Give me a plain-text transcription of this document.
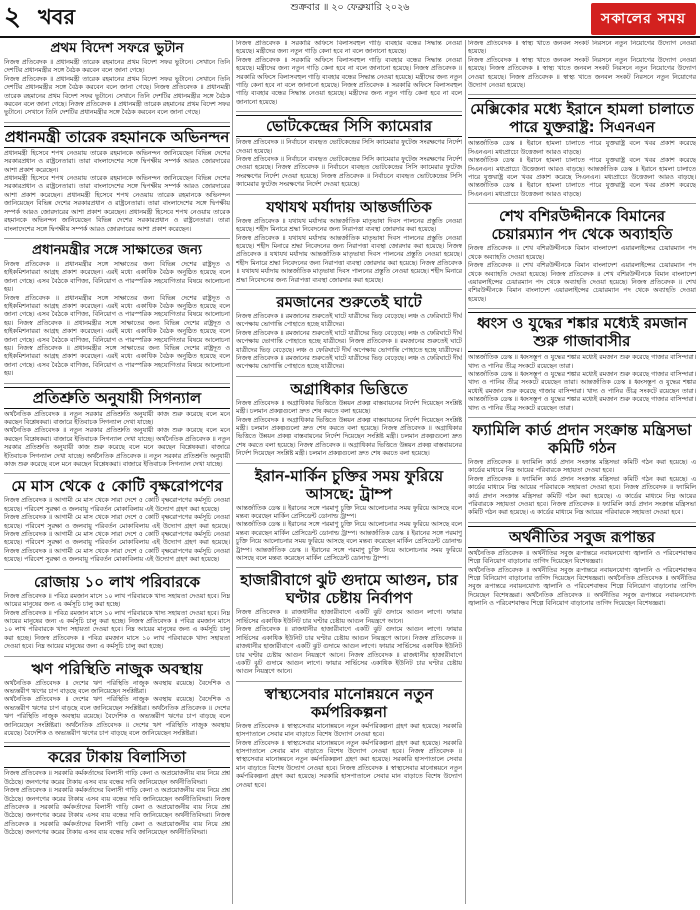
২ খবর	শুক্রবার ॥ ২০ ফেব্রুয়ারি ২০২৬
সকালের সময়
প্রথম বিদেশ সফরে ভুটান

নিজস্ব প্রতিবেদক ॥ প্রধানমন্ত্রী তারেক রহমানের প্রথম বিদেশ সফর ভুটানে। সেখানে তিনি দেশটির প্রধানমন্ত্রীর সঙ্গে বৈঠক করবেন বলে জানা গেছে।

নিজস্ব প্রতিবেদক ॥ প্রধানমন্ত্রী তারেক রহমানের প্রথম বিদেশ সফর ভুটানে। সেখানে তিনি দেশটির প্রধানমন্ত্রীর সঙ্গে বৈঠক করবেন বলে জানা গেছে। নিজস্ব প্রতিবেদক ॥ প্রধানমন্ত্রী তারেক রহমানের প্রথম বিদেশ সফর ভুটানে। সেখানে তিনি দেশটির প্রধানমন্ত্রীর সঙ্গে বৈঠক করবেন বলে জানা গেছে। নিজস্ব প্রতিবেদক ॥ প্রধানমন্ত্রী তারেক রহমানের প্রথম বিদেশ সফর ভুটানে। সেখানে তিনি দেশটির প্রধানমন্ত্রীর সঙ্গে বৈঠক করবেন বলে জানা গেছে।

প্রধানমন্ত্রী তারেক রহমানকে অভিনন্দন

প্রধানমন্ত্রী হিসেবে শপথ নেওয়ায় তারেক রহমানকে অভিনন্দন জানিয়েছেন বিভিন্ন দেশের সরকারপ্রধান ও রাষ্ট্রনেতারা। তারা বাংলাদেশের সঙ্গে দ্বিপক্ষীয় সম্পর্ক আরও জোরদারের আশা প্রকাশ করেছেন।

প্রধানমন্ত্রী হিসেবে শপথ নেওয়ায় তারেক রহমানকে অভিনন্দন জানিয়েছেন বিভিন্ন দেশের সরকারপ্রধান ও রাষ্ট্রনেতারা। তারা বাংলাদেশের সঙ্গে দ্বিপক্ষীয় সম্পর্ক আরও জোরদারের আশা প্রকাশ করেছেন। প্রধানমন্ত্রী হিসেবে শপথ নেওয়ায় তারেক রহমানকে অভিনন্দন জানিয়েছেন বিভিন্ন দেশের সরকারপ্রধান ও রাষ্ট্রনেতারা। তারা বাংলাদেশের সঙ্গে দ্বিপক্ষীয় সম্পর্ক আরও জোরদারের আশা প্রকাশ করেছেন। প্রধানমন্ত্রী হিসেবে শপথ নেওয়ায় তারেক রহমানকে অভিনন্দন জানিয়েছেন বিভিন্ন দেশের সরকারপ্রধান ও রাষ্ট্রনেতারা। তারা বাংলাদেশের সঙ্গে দ্বিপক্ষীয় সম্পর্ক আরও জোরদারের আশা প্রকাশ করেছেন।

প্রধানমন্ত্রীর সঙ্গে সাক্ষাতের জন্য

নিজস্ব প্রতিবেদক ॥ প্রধানমন্ত্রীর সঙ্গে সাক্ষাতের জন্য বিভিন্ন দেশের রাষ্ট্রদূত ও হাইকমিশনাররা আগ্রহ প্রকাশ করেছেন। এরই মধ্যে একাধিক বৈঠক অনুষ্ঠিত হয়েছে বলে জানা গেছে। এসব বৈঠকে বাণিজ্য, বিনিয়োগ ও পারস্পরিক সহযোগিতার বিষয়ে আলোচনা হয়।

নিজস্ব প্রতিবেদক ॥ প্রধানমন্ত্রীর সঙ্গে সাক্ষাতের জন্য বিভিন্ন দেশের রাষ্ট্রদূত ও হাইকমিশনাররা আগ্রহ প্রকাশ করেছেন। এরই মধ্যে একাধিক বৈঠক অনুষ্ঠিত হয়েছে বলে জানা গেছে। এসব বৈঠকে বাণিজ্য, বিনিয়োগ ও পারস্পরিক সহযোগিতার বিষয়ে আলোচনা হয়। নিজস্ব প্রতিবেদক ॥ প্রধানমন্ত্রীর সঙ্গে সাক্ষাতের জন্য বিভিন্ন দেশের রাষ্ট্রদূত ও হাইকমিশনাররা আগ্রহ প্রকাশ করেছেন। এরই মধ্যে একাধিক বৈঠক অনুষ্ঠিত হয়েছে বলে জানা গেছে। এসব বৈঠকে বাণিজ্য, বিনিয়োগ ও পারস্পরিক সহযোগিতার বিষয়ে আলোচনা হয়। নিজস্ব প্রতিবেদক ॥ প্রধানমন্ত্রীর সঙ্গে সাক্ষাতের জন্য বিভিন্ন দেশের রাষ্ট্রদূত ও হাইকমিশনাররা আগ্রহ প্রকাশ করেছেন। এরই মধ্যে একাধিক বৈঠক অনুষ্ঠিত হয়েছে বলে জানা গেছে। এসব বৈঠকে বাণিজ্য, বিনিয়োগ ও পারস্পরিক সহযোগিতার বিষয়ে আলোচনা হয়।

প্রতিশ্রুতি অনুযায়ী সিগন্যাল

অর্থনৈতিক প্রতিবেদক ॥ নতুন সরকার প্রতিশ্রুতি অনুযায়ী কাজ শুরু করেছে বলে মনে করছেন বিশ্লেষকরা। বাজারে ইতিবাচক সিগন্যাল দেখা যাচ্ছে।

অর্থনৈতিক প্রতিবেদক ॥ নতুন সরকার প্রতিশ্রুতি অনুযায়ী কাজ শুরু করেছে বলে মনে করছেন বিশ্লেষকরা। বাজারে ইতিবাচক সিগন্যাল দেখা যাচ্ছে। অর্থনৈতিক প্রতিবেদক ॥ নতুন সরকার প্রতিশ্রুতি অনুযায়ী কাজ শুরু করেছে বলে মনে করছেন বিশ্লেষকরা। বাজারে ইতিবাচক সিগন্যাল দেখা যাচ্ছে। অর্থনৈতিক প্রতিবেদক ॥ নতুন সরকার প্রতিশ্রুতি অনুযায়ী কাজ শুরু করেছে বলে মনে করছেন বিশ্লেষকরা। বাজারে ইতিবাচক সিগন্যাল দেখা যাচ্ছে।

মে মাস থেকে ৫ কোটি বৃক্ষরোপণের

নিজস্ব প্রতিবেদক ॥ আগামী মে মাস থেকে সারা দেশে ৫ কোটি বৃক্ষরোপণের কর্মসূচি নেওয়া হয়েছে। পরিবেশ সুরক্ষা ও জলবায়ু পরিবর্তন মোকাবিলায় এই উদ্যোগ গ্রহণ করা হয়েছে।

নিজস্ব প্রতিবেদক ॥ আগামী মে মাস থেকে সারা দেশে ৫ কোটি বৃক্ষরোপণের কর্মসূচি নেওয়া হয়েছে। পরিবেশ সুরক্ষা ও জলবায়ু পরিবর্তন মোকাবিলায় এই উদ্যোগ গ্রহণ করা হয়েছে। নিজস্ব প্রতিবেদক ॥ আগামী মে মাস থেকে সারা দেশে ৫ কোটি বৃক্ষরোপণের কর্মসূচি নেওয়া হয়েছে। পরিবেশ সুরক্ষা ও জলবায়ু পরিবর্তন মোকাবিলায় এই উদ্যোগ গ্রহণ করা হয়েছে। নিজস্ব প্রতিবেদক ॥ আগামী মে মাস থেকে সারা দেশে ৫ কোটি বৃক্ষরোপণের কর্মসূচি নেওয়া হয়েছে। পরিবেশ সুরক্ষা ও জলবায়ু পরিবর্তন মোকাবিলায় এই উদ্যোগ গ্রহণ করা হয়েছে।

রোজায় ১০ লাখ পরিবারকে

নিজস্ব প্রতিবেদক ॥ পবিত্র রমজান মাসে ১০ লাখ পরিবারকে খাদ্য সহায়তা দেওয়া হবে। নিম্ন আয়ের মানুষের জন্য এ কর্মসূচি চালু করা হচ্ছে।

নিজস্ব প্রতিবেদক ॥ পবিত্র রমজান মাসে ১০ লাখ পরিবারকে খাদ্য সহায়তা দেওয়া হবে। নিম্ন আয়ের মানুষের জন্য এ কর্মসূচি চালু করা হচ্ছে। নিজস্ব প্রতিবেদক ॥ পবিত্র রমজান মাসে ১০ লাখ পরিবারকে খাদ্য সহায়তা দেওয়া হবে। নিম্ন আয়ের মানুষের জন্য এ কর্মসূচি চালু করা হচ্ছে। নিজস্ব প্রতিবেদক ॥ পবিত্র রমজান মাসে ১০ লাখ পরিবারকে খাদ্য সহায়তা দেওয়া হবে। নিম্ন আয়ের মানুষের জন্য এ কর্মসূচি চালু করা হচ্ছে।

ঋণ পরিস্থিতি নাজুক অবস্থায়

অর্থনৈতিক প্রতিবেদক ॥ দেশের ঋণ পরিস্থিতি নাজুক অবস্থায় রয়েছে। বৈদেশিক ও অভ্যন্তরীণ ঋণের চাপ বাড়ছে বলে জানিয়েছেন সংশ্লিষ্টরা।

অর্থনৈতিক প্রতিবেদক ॥ দেশের ঋণ পরিস্থিতি নাজুক অবস্থায় রয়েছে। বৈদেশিক ও অভ্যন্তরীণ ঋণের চাপ বাড়ছে বলে জানিয়েছেন সংশ্লিষ্টরা। অর্থনৈতিক প্রতিবেদক ॥ দেশের ঋণ পরিস্থিতি নাজুক অবস্থায় রয়েছে। বৈদেশিক ও অভ্যন্তরীণ ঋণের চাপ বাড়ছে বলে জানিয়েছেন সংশ্লিষ্টরা। অর্থনৈতিক প্রতিবেদক ॥ দেশের ঋণ পরিস্থিতি নাজুক অবস্থায় রয়েছে। বৈদেশিক ও অভ্যন্তরীণ ঋণের চাপ বাড়ছে বলে জানিয়েছেন সংশ্লিষ্টরা।

করের টাকায় বিলাসিতা

নিজস্ব প্রতিবেদক ॥ সরকারি কর্মকর্তাদের বিলাসী গাড়ি কেনা ও অপ্রয়োজনীয় ব্যয় নিয়ে প্রশ্ন উঠেছে। জনগণের করের টাকায় এসব ব্যয় বন্ধের দাবি জানিয়েছেন অর্থনীতিবিদরা।

নিজস্ব প্রতিবেদক ॥ সরকারি কর্মকর্তাদের বিলাসী গাড়ি কেনা ও অপ্রয়োজনীয় ব্যয় নিয়ে প্রশ্ন উঠেছে। জনগণের করের টাকায় এসব ব্যয় বন্ধের দাবি জানিয়েছেন অর্থনীতিবিদরা। নিজস্ব প্রতিবেদক ॥ সরকারি কর্মকর্তাদের বিলাসী গাড়ি কেনা ও অপ্রয়োজনীয় ব্যয় নিয়ে প্রশ্ন উঠেছে। জনগণের করের টাকায় এসব ব্যয় বন্ধের দাবি জানিয়েছেন অর্থনীতিবিদরা। নিজস্ব প্রতিবেদক ॥ সরকারি কর্মকর্তাদের বিলাসী গাড়ি কেনা ও অপ্রয়োজনীয় ব্যয় নিয়ে প্রশ্ন উঠেছে। জনগণের করের টাকায় এসব ব্যয় বন্ধের দাবি জানিয়েছেন অর্থনীতিবিদরা।

নিজস্ব প্রতিবেদক ॥ সরকারি অফিসে বিলাসবহুল গাড়ি ব্যবহার বন্ধের সিদ্ধান্ত নেওয়া হয়েছে। মন্ত্রীদের জন্য নতুন গাড়ি কেনা হবে না বলে জানানো হয়েছে।

নিজস্ব প্রতিবেদক ॥ সরকারি অফিসে বিলাসবহুল গাড়ি ব্যবহার বন্ধের সিদ্ধান্ত নেওয়া হয়েছে। মন্ত্রীদের জন্য নতুন গাড়ি কেনা হবে না বলে জানানো হয়েছে। নিজস্ব প্রতিবেদক ॥ সরকারি অফিসে বিলাসবহুল গাড়ি ব্যবহার বন্ধের সিদ্ধান্ত নেওয়া হয়েছে। মন্ত্রীদের জন্য নতুন গাড়ি কেনা হবে না বলে জানানো হয়েছে। নিজস্ব প্রতিবেদক ॥ সরকারি অফিসে বিলাসবহুল গাড়ি ব্যবহার বন্ধের সিদ্ধান্ত নেওয়া হয়েছে। মন্ত্রীদের জন্য নতুন গাড়ি কেনা হবে না বলে জানানো হয়েছে।

ভোটকেন্দ্রের সিসি ক্যামেরার

নিজস্ব প্রতিবেদক ॥ নির্বাচনে ব্যবহৃত ভোটকেন্দ্রের সিসি ক্যামেরার ফুটেজ সংরক্ষণের নির্দেশ দেওয়া হয়েছে।

নিজস্ব প্রতিবেদক ॥ নির্বাচনে ব্যবহৃত ভোটকেন্দ্রের সিসি ক্যামেরার ফুটেজ সংরক্ষণের নির্দেশ দেওয়া হয়েছে। নিজস্ব প্রতিবেদক ॥ নির্বাচনে ব্যবহৃত ভোটকেন্দ্রের সিসি ক্যামেরার ফুটেজ সংরক্ষণের নির্দেশ দেওয়া হয়েছে। নিজস্ব প্রতিবেদক ॥ নির্বাচনে ব্যবহৃত ভোটকেন্দ্রের সিসি ক্যামেরার ফুটেজ সংরক্ষণের নির্দেশ দেওয়া হয়েছে।

যথাযথ মর্যাদায় আন্তর্জাতিক

নিজস্ব প্রতিবেদক ॥ যথাযথ মর্যাদায় আন্তর্জাতিক মাতৃভাষা দিবস পালনের প্রস্তুতি নেওয়া হয়েছে। শহীদ মিনারে শ্রদ্ধা নিবেদনের জন্য নিরাপত্তা ব্যবস্থা জোরদার করা হয়েছে।

নিজস্ব প্রতিবেদক ॥ যথাযথ মর্যাদায় আন্তর্জাতিক মাতৃভাষা দিবস পালনের প্রস্তুতি নেওয়া হয়েছে। শহীদ মিনারে শ্রদ্ধা নিবেদনের জন্য নিরাপত্তা ব্যবস্থা জোরদার করা হয়েছে। নিজস্ব প্রতিবেদক ॥ যথাযথ মর্যাদায় আন্তর্জাতিক মাতৃভাষা দিবস পালনের প্রস্তুতি নেওয়া হয়েছে। শহীদ মিনারে শ্রদ্ধা নিবেদনের জন্য নিরাপত্তা ব্যবস্থা জোরদার করা হয়েছে। নিজস্ব প্রতিবেদক ॥ যথাযথ মর্যাদায় আন্তর্জাতিক মাতৃভাষা দিবস পালনের প্রস্তুতি নেওয়া হয়েছে। শহীদ মিনারে শ্রদ্ধা নিবেদনের জন্য নিরাপত্তা ব্যবস্থা জোরদার করা হয়েছে।

রমজানের শুরুতেই ঘাটে

নিজস্ব প্রতিবেদক ॥ রমজানের শুরুতেই ঘাটে যাত্রীদের ভিড় বেড়েছে। লঞ্চ ও ফেরিঘাটে দীর্ঘ অপেক্ষায় ভোগান্তি পোহাতে হচ্ছে যাত্রীদের।

নিজস্ব প্রতিবেদক ॥ রমজানের শুরুতেই ঘাটে যাত্রীদের ভিড় বেড়েছে। লঞ্চ ও ফেরিঘাটে দীর্ঘ অপেক্ষায় ভোগান্তি পোহাতে হচ্ছে যাত্রীদের। নিজস্ব প্রতিবেদক ॥ রমজানের শুরুতেই ঘাটে যাত্রীদের ভিড় বেড়েছে। লঞ্চ ও ফেরিঘাটে দীর্ঘ অপেক্ষায় ভোগান্তি পোহাতে হচ্ছে যাত্রীদের। নিজস্ব প্রতিবেদক ॥ রমজানের শুরুতেই ঘাটে যাত্রীদের ভিড় বেড়েছে। লঞ্চ ও ফেরিঘাটে দীর্ঘ অপেক্ষায় ভোগান্তি পোহাতে হচ্ছে যাত্রীদের।

অগ্রাধিকার ভিত্তিতে

নিজস্ব প্রতিবেদক ॥ অগ্রাধিকার ভিত্তিতে উন্নয়ন প্রকল্প বাস্তবায়নের নির্দেশ দিয়েছেন সংশ্লিষ্ট মন্ত্রী। চলমান প্রকল্পগুলো দ্রুত শেষ করতে বলা হয়েছে।

নিজস্ব প্রতিবেদক ॥ অগ্রাধিকার ভিত্তিতে উন্নয়ন প্রকল্প বাস্তবায়নের নির্দেশ দিয়েছেন সংশ্লিষ্ট মন্ত্রী। চলমান প্রকল্পগুলো দ্রুত শেষ করতে বলা হয়েছে। নিজস্ব প্রতিবেদক ॥ অগ্রাধিকার ভিত্তিতে উন্নয়ন প্রকল্প বাস্তবায়নের নির্দেশ দিয়েছেন সংশ্লিষ্ট মন্ত্রী। চলমান প্রকল্পগুলো দ্রুত শেষ করতে বলা হয়েছে। নিজস্ব প্রতিবেদক ॥ অগ্রাধিকার ভিত্তিতে উন্নয়ন প্রকল্প বাস্তবায়নের নির্দেশ দিয়েছেন সংশ্লিষ্ট মন্ত্রী। চলমান প্রকল্পগুলো দ্রুত শেষ করতে বলা হয়েছে।

ইরান-মার্কিন চুক্তির সময় ফুরিয়ে আসছে: ট্রাম্প

আন্তর্জাতিক ডেস্ক ॥ ইরানের সঙ্গে পরমাণু চুক্তি নিয়ে আলোচনার সময় ফুরিয়ে আসছে বলে মন্তব্য করেছেন মার্কিন প্রেসিডেন্ট ডোনাল্ড ট্রাম্প।

আন্তর্জাতিক ডেস্ক ॥ ইরানের সঙ্গে পরমাণু চুক্তি নিয়ে আলোচনার সময় ফুরিয়ে আসছে বলে মন্তব্য করেছেন মার্কিন প্রেসিডেন্ট ডোনাল্ড ট্রাম্প। আন্তর্জাতিক ডেস্ক ॥ ইরানের সঙ্গে পরমাণু চুক্তি নিয়ে আলোচনার সময় ফুরিয়ে আসছে বলে মন্তব্য করেছেন মার্কিন প্রেসিডেন্ট ডোনাল্ড ট্রাম্প। আন্তর্জাতিক ডেস্ক ॥ ইরানের সঙ্গে পরমাণু চুক্তি নিয়ে আলোচনার সময় ফুরিয়ে আসছে বলে মন্তব্য করেছেন মার্কিন প্রেসিডেন্ট ডোনাল্ড ট্রাম্প।

হাজারীবাগে ঝুট গুদামে আগুন, চার ঘণ্টার চেষ্টায় নির্বাপণ

নিজস্ব প্রতিবেদক ॥ রাজধানীর হাজারীবাগে একটি ঝুট গুদামে আগুন লাগে। ফায়ার সার্ভিসের একাধিক ইউনিট চার ঘণ্টার চেষ্টায় আগুন নিয়ন্ত্রণে আনে।

নিজস্ব প্রতিবেদক ॥ রাজধানীর হাজারীবাগে একটি ঝুট গুদামে আগুন লাগে। ফায়ার সার্ভিসের একাধিক ইউনিট চার ঘণ্টার চেষ্টায় আগুন নিয়ন্ত্রণে আনে। নিজস্ব প্রতিবেদক ॥ রাজধানীর হাজারীবাগে একটি ঝুট গুদামে আগুন লাগে। ফায়ার সার্ভিসের একাধিক ইউনিট চার ঘণ্টার চেষ্টায় আগুন নিয়ন্ত্রণে আনে। নিজস্ব প্রতিবেদক ॥ রাজধানীর হাজারীবাগে একটি ঝুট গুদামে আগুন লাগে। ফায়ার সার্ভিসের একাধিক ইউনিট চার ঘণ্টার চেষ্টায় আগুন নিয়ন্ত্রণে আনে।

স্বাস্থ্যসেবার মানোন্নয়নে নতুন কর্মপরিকল্পনা

নিজস্ব প্রতিবেদক ॥ স্বাস্থ্যসেবার মানোন্নয়নে নতুন কর্মপরিকল্পনা গ্রহণ করা হয়েছে। সরকারি হাসপাতালে সেবার মান বাড়াতে বিশেষ উদ্যোগ নেওয়া হবে।

নিজস্ব প্রতিবেদক ॥ স্বাস্থ্যসেবার মানোন্নয়নে নতুন কর্মপরিকল্পনা গ্রহণ করা হয়েছে। সরকারি হাসপাতালে সেবার মান বাড়াতে বিশেষ উদ্যোগ নেওয়া হবে। নিজস্ব প্রতিবেদক ॥ স্বাস্থ্যসেবার মানোন্নয়নে নতুন কর্মপরিকল্পনা গ্রহণ করা হয়েছে। সরকারি হাসপাতালে সেবার মান বাড়াতে বিশেষ উদ্যোগ নেওয়া হবে। নিজস্ব প্রতিবেদক ॥ স্বাস্থ্যসেবার মানোন্নয়নে নতুন কর্মপরিকল্পনা গ্রহণ করা হয়েছে। সরকারি হাসপাতালে সেবার মান বাড়াতে বিশেষ উদ্যোগ নেওয়া হবে।

নিজস্ব প্রতিবেদক ॥ স্বাস্থ্য খাতে জনবল সংকট নিরসনে নতুন নিয়োগের উদ্যোগ নেওয়া হয়েছে।

নিজস্ব প্রতিবেদক ॥ স্বাস্থ্য খাতে জনবল সংকট নিরসনে নতুন নিয়োগের উদ্যোগ নেওয়া হয়েছে। নিজস্ব প্রতিবেদক ॥ স্বাস্থ্য খাতে জনবল সংকট নিরসনে নতুন নিয়োগের উদ্যোগ নেওয়া হয়েছে। নিজস্ব প্রতিবেদক ॥ স্বাস্থ্য খাতে জনবল সংকট নিরসনে নতুন নিয়োগের উদ্যোগ নেওয়া হয়েছে।

মেক্সিকোর মধ্যে ইরানে হামলা চালাতে পারে যুক্তরাষ্ট্র: সিএনএন

আন্তর্জাতিক ডেস্ক ॥ ইরানে হামলা চালাতে পারে যুক্তরাষ্ট্র বলে খবর প্রকাশ করেছে সিএনএন। মধ্যপ্রাচ্যে উত্তেজনা আরও বাড়ছে।

আন্তর্জাতিক ডেস্ক ॥ ইরানে হামলা চালাতে পারে যুক্তরাষ্ট্র বলে খবর প্রকাশ করেছে সিএনএন। মধ্যপ্রাচ্যে উত্তেজনা আরও বাড়ছে। আন্তর্জাতিক ডেস্ক ॥ ইরানে হামলা চালাতে পারে যুক্তরাষ্ট্র বলে খবর প্রকাশ করেছে সিএনএন। মধ্যপ্রাচ্যে উত্তেজনা আরও বাড়ছে। আন্তর্জাতিক ডেস্ক ॥ ইরানে হামলা চালাতে পারে যুক্তরাষ্ট্র বলে খবর প্রকাশ করেছে সিএনএন। মধ্যপ্রাচ্যে উত্তেজনা আরও বাড়ছে।

শেখ বশিরউদ্দীনকে বিমানের চেয়ারম্যান পদ থেকে অব্যাহতি

নিজস্ব প্রতিবেদক ॥ শেখ বশিরউদ্দীনকে বিমান বাংলাদেশ এয়ারলাইন্সের চেয়ারম্যান পদ থেকে অব্যাহতি দেওয়া হয়েছে।

নিজস্ব প্রতিবেদক ॥ শেখ বশিরউদ্দীনকে বিমান বাংলাদেশ এয়ারলাইন্সের চেয়ারম্যান পদ থেকে অব্যাহতি দেওয়া হয়েছে। নিজস্ব প্রতিবেদক ॥ শেখ বশিরউদ্দীনকে বিমান বাংলাদেশ এয়ারলাইন্সের চেয়ারম্যান পদ থেকে অব্যাহতি দেওয়া হয়েছে। নিজস্ব প্রতিবেদক ॥ শেখ বশিরউদ্দীনকে বিমান বাংলাদেশ এয়ারলাইন্সের চেয়ারম্যান পদ থেকে অব্যাহতি দেওয়া হয়েছে।

ধ্বংস ও যুদ্ধের শঙ্কার মধ্যেই রমজান শুরু গাজাবাসীর

আন্তর্জাতিক ডেস্ক ॥ ধ্বংসস্তূপ ও যুদ্ধের শঙ্কার মধ্যেই রমজান শুরু করেছে গাজার বাসিন্দারা। খাদ্য ও পানির তীব্র সংকটে রয়েছেন তারা।

আন্তর্জাতিক ডেস্ক ॥ ধ্বংসস্তূপ ও যুদ্ধের শঙ্কার মধ্যেই রমজান শুরু করেছে গাজার বাসিন্দারা। খাদ্য ও পানির তীব্র সংকটে রয়েছেন তারা। আন্তর্জাতিক ডেস্ক ॥ ধ্বংসস্তূপ ও যুদ্ধের শঙ্কার মধ্যেই রমজান শুরু করেছে গাজার বাসিন্দারা। খাদ্য ও পানির তীব্র সংকটে রয়েছেন তারা। আন্তর্জাতিক ডেস্ক ॥ ধ্বংসস্তূপ ও যুদ্ধের শঙ্কার মধ্যেই রমজান শুরু করেছে গাজার বাসিন্দারা। খাদ্য ও পানির তীব্র সংকটে রয়েছেন তারা।

ফ্যামিলি কার্ড প্রদান সংক্রান্ত মন্ত্রিসভা কমিটি গঠন

নিজস্ব প্রতিবেদক ॥ ফ্যামিলি কার্ড প্রদান সংক্রান্ত মন্ত্রিসভা কমিটি গঠন করা হয়েছে। এ কার্ডের মাধ্যমে নিম্ন আয়ের পরিবারকে সহায়তা দেওয়া হবে।

নিজস্ব প্রতিবেদক ॥ ফ্যামিলি কার্ড প্রদান সংক্রান্ত মন্ত্রিসভা কমিটি গঠন করা হয়েছে। এ কার্ডের মাধ্যমে নিম্ন আয়ের পরিবারকে সহায়তা দেওয়া হবে। নিজস্ব প্রতিবেদক ॥ ফ্যামিলি কার্ড প্রদান সংক্রান্ত মন্ত্রিসভা কমিটি গঠন করা হয়েছে। এ কার্ডের মাধ্যমে নিম্ন আয়ের পরিবারকে সহায়তা দেওয়া হবে। নিজস্ব প্রতিবেদক ॥ ফ্যামিলি কার্ড প্রদান সংক্রান্ত মন্ত্রিসভা কমিটি গঠন করা হয়েছে। এ কার্ডের মাধ্যমে নিম্ন আয়ের পরিবারকে সহায়তা দেওয়া হবে।

অর্থনীতির সবুজ রূপান্তর

অর্থনৈতিক প্রতিবেদক ॥ অর্থনীতির সবুজ রূপান্তরে নবায়নযোগ্য জ্বালানি ও পরিবেশবান্ধব শিল্পে বিনিয়োগ বাড়ানোর তাগিদ দিয়েছেন বিশেষজ্ঞরা।

অর্থনৈতিক প্রতিবেদক ॥ অর্থনীতির সবুজ রূপান্তরে নবায়নযোগ্য জ্বালানি ও পরিবেশবান্ধব শিল্পে বিনিয়োগ বাড়ানোর তাগিদ দিয়েছেন বিশেষজ্ঞরা। অর্থনৈতিক প্রতিবেদক ॥ অর্থনীতির সবুজ রূপান্তরে নবায়নযোগ্য জ্বালানি ও পরিবেশবান্ধব শিল্পে বিনিয়োগ বাড়ানোর তাগিদ দিয়েছেন বিশেষজ্ঞরা। অর্থনৈতিক প্রতিবেদক ॥ অর্থনীতির সবুজ রূপান্তরে নবায়নযোগ্য জ্বালানি ও পরিবেশবান্ধব শিল্পে বিনিয়োগ বাড়ানোর তাগিদ দিয়েছেন বিশেষজ্ঞরা।
